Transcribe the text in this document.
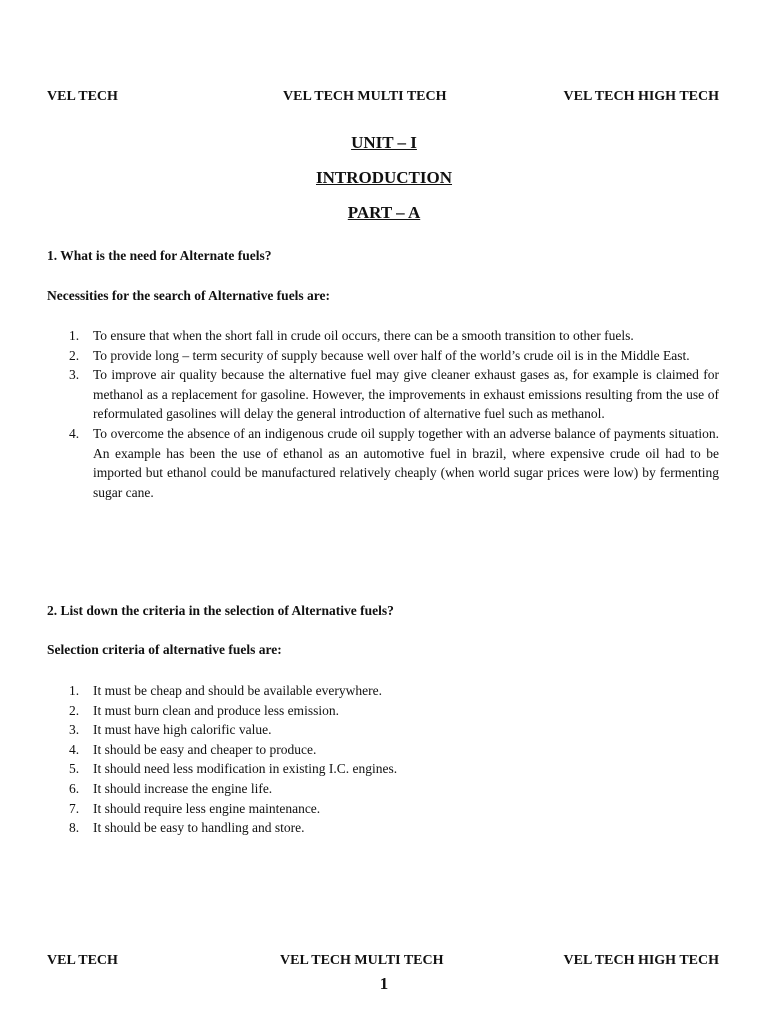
VEL TECH	VEL TECH MULTI TECH	VEL TECH HIGH TECH
UNIT – I
INTRODUCTION
PART – A
1. What is the need for Alternate fuels?
Necessities for the search of Alternative fuels are:
1. To ensure that when the short fall in crude oil occurs, there can be a smooth transition to other fuels.
2. To provide long – term security of supply because well over half of the world’s crude oil is in the Middle East.
3. To improve air quality because the alternative fuel may give cleaner exhaust gases as, for example is claimed for methanol as a replacement for gasoline. However, the improvements in exhaust emissions resulting from the use of reformulated gasolines will delay the general introduction of alternative fuel such as methanol.
4. To overcome the absence of an indigenous crude oil supply together with an adverse balance of payments situation. An example has been the use of ethanol as an automotive fuel in brazil, where expensive crude oil had to be imported but ethanol could be manufactured relatively cheaply (when world sugar prices were low) by fermenting sugar cane.
2. List down the criteria in the selection of Alternative fuels?
Selection criteria of alternative fuels are:
1. It must be cheap and should be available everywhere.
2. It must burn clean and produce less emission.
3. It must have high calorific value.
4. It should be easy and cheaper to produce.
5. It should need less modification in existing I.C. engines.
6. It should increase the engine life.
7. It should require less engine maintenance.
8. It should be easy to handling and store.
VEL TECH	VEL TECH MULTI TECH	VEL TECH HIGH TECH
1
